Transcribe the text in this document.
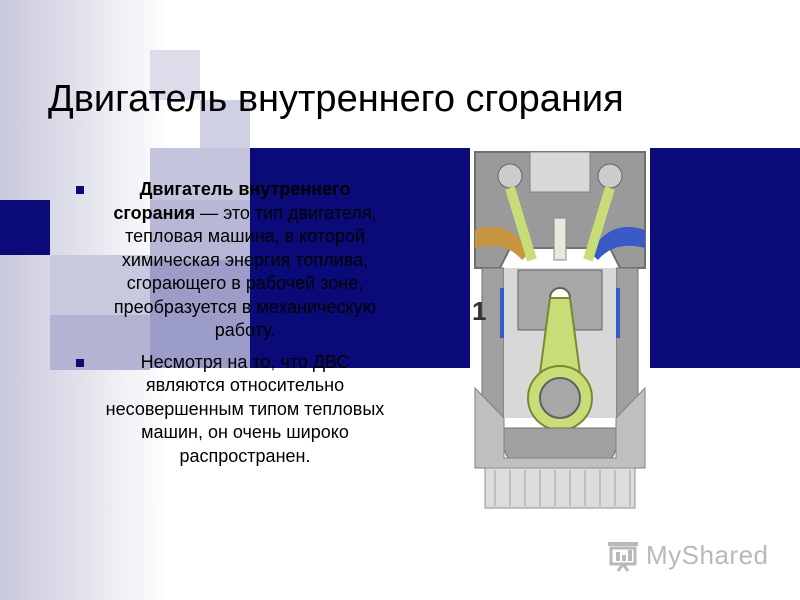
Двигатель внутреннего сгорания
Двигатель внутреннего сгорания — это тип двигателя, тепловая машина, в которой химическая энергия топлива, сгорающего в рабочей зоне, преобразуется в механическую работу.
Несмотря на то, что ДВС являются относительно несовершенным типом тепловых машин, он очень широко распространен.
1
MyShared
